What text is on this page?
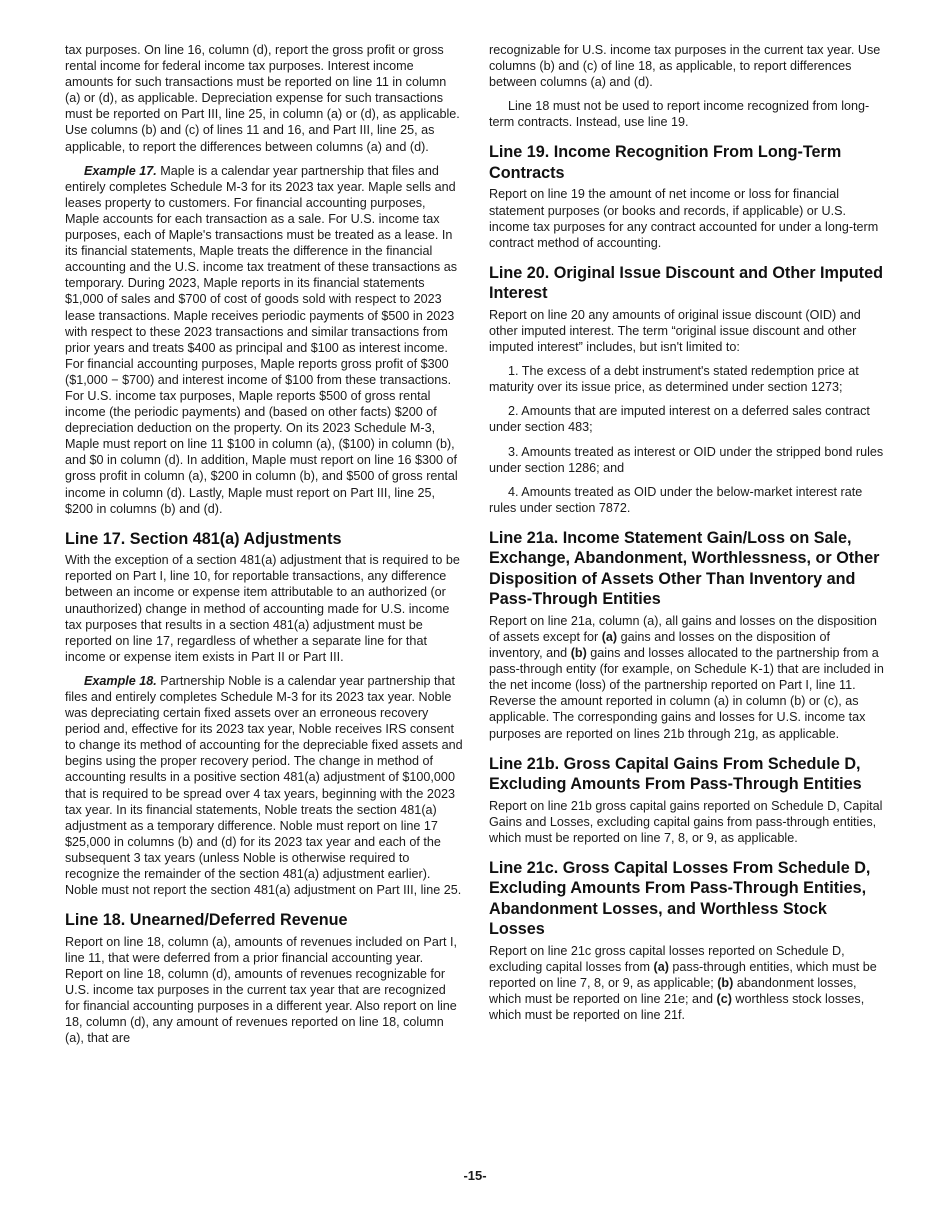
tax purposes. On line 16, column (d), report the gross profit or gross rental income for federal income tax purposes. Interest income amounts for such transactions must be reported on line 11 in column (a) or (d), as applicable. Depreciation expense for such transactions must be reported on Part III, line 25, in column (a) or (d), as applicable. Use columns (b) and (c) of lines 11 and 16, and Part III, line 25, as applicable, to report the differences between columns (a) and (d).

Example 17. Maple is a calendar year partnership that files and entirely completes Schedule M-3 for its 2023 tax year. Maple sells and leases property to customers. For financial accounting purposes, Maple accounts for each transaction as a sale. For U.S. income tax purposes, each of Maple's transactions must be treated as a lease. In its financial statements, Maple treats the difference in the financial accounting and the U.S. income tax treatment of these transactions as temporary. During 2023, Maple reports in its financial statements $1,000 of sales and $700 of cost of goods sold with respect to 2023 lease transactions. Maple receives periodic payments of $500 in 2023 with respect to these 2023 transactions and similar transactions from prior years and treats $400 as principal and $100 as interest income. For financial accounting purposes, Maple reports gross profit of $300 ($1,000 − $700) and interest income of $100 from these transactions. For U.S. income tax purposes, Maple reports $500 of gross rental income (the periodic payments) and (based on other facts) $200 of depreciation deduction on the property. On its 2023 Schedule M-3, Maple must report on line 11 $100 in column (a), ($100) in column (b), and $0 in column (d). In addition, Maple must report on line 16 $300 of gross profit in column (a), $200 in column (b), and $500 of gross rental income in column (d). Lastly, Maple must report on Part III, line 25, $200 in columns (b) and (d).

Line 17. Section 481(a) Adjustments

With the exception of a section 481(a) adjustment that is required to be reported on Part I, line 10, for reportable transactions, any difference between an income or expense item attributable to an authorized (or unauthorized) change in method of accounting made for U.S. income tax purposes that results in a section 481(a) adjustment must be reported on line 17, regardless of whether a separate line for that income or expense item exists in Part II or Part III.

Example 18. Partnership Noble is a calendar year partnership that files and entirely completes Schedule M-3 for its 2023 tax year. Noble was depreciating certain fixed assets over an erroneous recovery period and, effective for its 2023 tax year, Noble receives IRS consent to change its method of accounting for the depreciable fixed assets and begins using the proper recovery period. The change in method of accounting results in a positive section 481(a) adjustment of $100,000 that is required to be spread over 4 tax years, beginning with the 2023 tax year. In its financial statements, Noble treats the section 481(a) adjustment as a temporary difference. Noble must report on line 17 $25,000 in columns (b) and (d) for its 2023 tax year and each of the subsequent 3 tax years (unless Noble is otherwise required to recognize the remainder of the section 481(a) adjustment earlier). Noble must not report the section 481(a) adjustment on Part III, line 25.

Line 18. Unearned/Deferred Revenue

Report on line 18, column (a), amounts of revenues included on Part I, line 11, that were deferred from a prior financial accounting year. Report on line 18, column (d), amounts of revenues recognizable for U.S. income tax purposes in the current tax year that are recognized for financial accounting purposes in a different year. Also report on line 18, column (d), any amount of revenues reported on line 18, column (a), that are

recognizable for U.S. income tax purposes in the current tax year. Use columns (b) and (c) of line 18, as applicable, to report differences between columns (a) and (d).

Line 18 must not be used to report income recognized from long-term contracts. Instead, use line 19.

Line 19. Income Recognition From Long-Term Contracts

Report on line 19 the amount of net income or loss for financial statement purposes (or books and records, if applicable) or U.S. income tax purposes for any contract accounted for under a long-term contract method of accounting.

Line 20. Original Issue Discount and Other Imputed Interest

Report on line 20 any amounts of original issue discount (OID) and other imputed interest. The term “original issue discount and other imputed interest” includes, but isn't limited to:

1. The excess of a debt instrument's stated redemption price at maturity over its issue price, as determined under section 1273;

2. Amounts that are imputed interest on a deferred sales contract under section 483;

3. Amounts treated as interest or OID under the stripped bond rules under section 1286; and

4. Amounts treated as OID under the below-market interest rate rules under section 7872.

Line 21a. Income Statement Gain/Loss on Sale, Exchange, Abandonment, Worthlessness, or Other Disposition of Assets Other Than Inventory and Pass-Through Entities

Report on line 21a, column (a), all gains and losses on the disposition of assets except for (a) gains and losses on the disposition of inventory, and (b) gains and losses allocated to the partnership from a pass-through entity (for example, on Schedule K-1) that are included in the net income (loss) of the partnership reported on Part I, line 11. Reverse the amount reported in column (a) in column (b) or (c), as applicable. The corresponding gains and losses for U.S. income tax purposes are reported on lines 21b through 21g, as applicable.

Line 21b. Gross Capital Gains From Schedule D, Excluding Amounts From Pass-Through Entities

Report on line 21b gross capital gains reported on Schedule D, Capital Gains and Losses, excluding capital gains from pass-through entities, which must be reported on line 7, 8, or 9, as applicable.

Line 21c. Gross Capital Losses From Schedule D, Excluding Amounts From Pass-Through Entities, Abandonment Losses, and Worthless Stock Losses

Report on line 21c gross capital losses reported on Schedule D, excluding capital losses from (a) pass-through entities, which must be reported on line 7, 8, or 9, as applicable; (b) abandonment losses, which must be reported on line 21e; and (c) worthless stock losses, which must be reported on line 21f.

-15-
